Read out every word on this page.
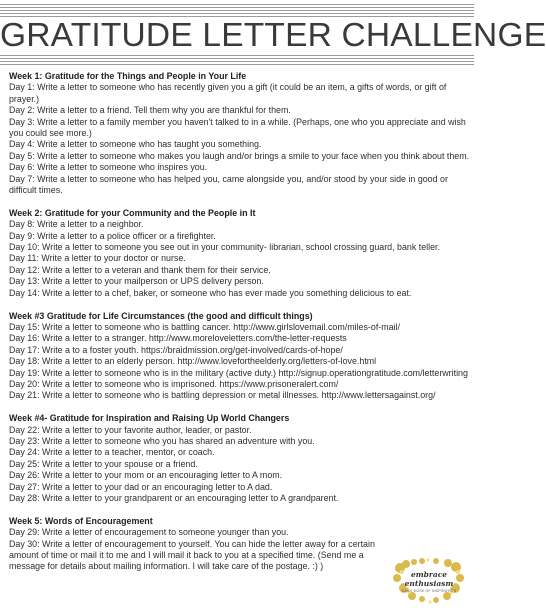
GRATITUDE LETTER CHALLENGE
Week 1: Gratitude for the Things and People in Your Life
Day 1: Write a letter to someone who has recently given you a gift (it could be an item, a gifts of words, or gift of prayer.)
Day 2: Write a letter to a friend. Tell them why you are thankful for them.
Day 3: Write a letter to a family member you haven't talked to in a while. (Perhaps, one who you appreciate and wish you could see more.)
Day 4: Write a letter to someone who has taught you something.
Day 5: Write a letter to someone who makes you laugh and/or brings a smile to your face when you think about them.
Day 6: Write a letter to someone who inspires you.
Day 7: Write a letter to someone who has helped you, came alongside you, and/or stood by your side in good or difficult times.
Week 2: Gratitude for your Community and the People in It
Day 8: Write a letter to a neighbor.
Day 9: Write a letter to a police officer or a firefighter.
Day 10: Write a letter to someone you see out in your community- librarian, school crossing guard, bank teller.
Day 11: Write a letter to your doctor or nurse.
Day 12: Write a letter to a veteran and thank them for their service.
Day 13: Write a letter to your mailperson or UPS delivery person.
Day 14: Write a letter to a chef, baker, or someone who has ever made you something delicious to eat.
Week #3 Gratitude for Life Circumstances (the good and difficult things)
Day 15: Write a letter to someone who is battling cancer. http://www.girlslovemail.com/miles-of-mail/
Day 16: Write a letter to a stranger. http://www.moreloveletters.com/the-letter-requests
Day 17: Write a to a foster youth. https://braidmission.org/get-involved/cards-of-hope/
Day 18: Write a letter to an elderly person. http://www.lovefortheelderly.org/letters-of-love.html
Day 19: Write a letter to someone who is in the military (active duty.) http://signup.operationgratitude.com/letterwriting
Day 20: Write a letter to someone who is imprisoned. https://www.prisoneralert.com/
Day 21: Write a letter to someone who is battling depression or metal illnesses. http://www.lettersagainst.org/
Week #4- Gratitude for Inspiration and Raising Up World Changers
Day 22: Write a letter to your favorite author, leader, or pastor.
Day 23: Write a letter to someone who you has shared an adventure with you.
Day 24: Write a letter to a teacher, mentor, or coach.
Day 25: Write a letter to your spouse or a friend.
Day 26: Write a letter to your mom or an encouraging letter to A mom.
Day 27: Write a letter to your dad or an encouraging letter to A dad.
Day 28: Write a letter to your grandparent or an encouraging letter to A grandparent.
Week 5: Words of Encouragement
Day 29: Write a letter of encouragement to someone younger than you.
Day 30: Write a letter of encouragement to yourself. You can hide the letter away for a certain amount of time or mail it to me and I will mail it back to you at a specified time. (Send me a message for details about mailing information. I will take care of the postage. :) )
embrace enthusiasm
DAILY DOSE OF INSPIRATION
